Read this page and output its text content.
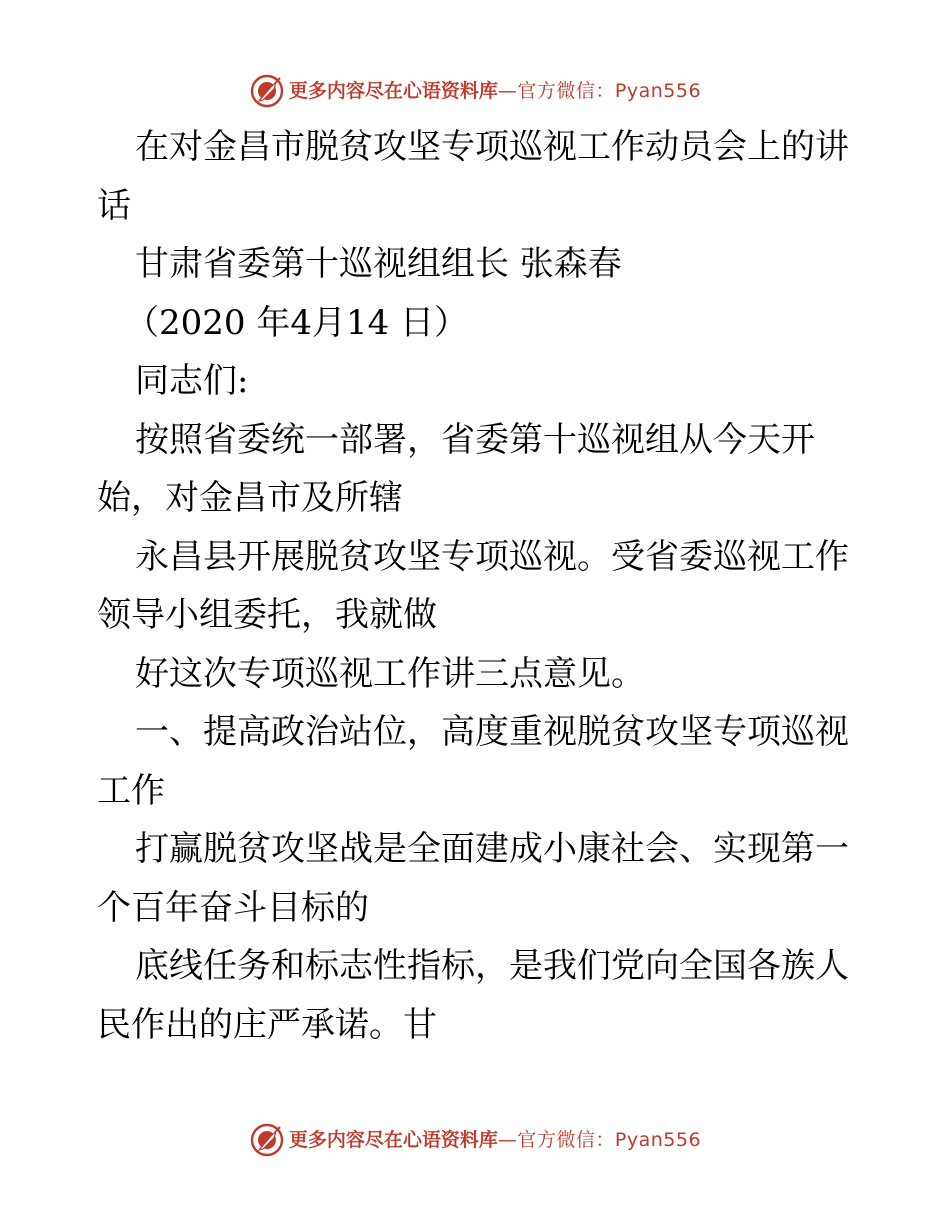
更多内容尽在心语资料库—官方微信：Pyan556

在对金昌市脱贫攻坚专项巡视工作动员会上的讲话

甘肃省委第十巡视组组长 张森春

（2020 年4月14 日）

同志们:

按照省委统一部署，省委第十巡视组从今天开始，对金昌市及所辖

永昌县开展脱贫攻坚专项巡视。受省委巡视工作领导小组委托，我就做

好这次专项巡视工作讲三点意见。

一、提高政治站位，高度重视脱贫攻坚专项巡视工作

打赢脱贫攻坚战是全面建成小康社会、实现第一个百年奋斗目标的

底线任务和标志性指标，是我们党向全国各族人民作出的庄严承诺。甘

更多内容尽在心语资料库—官方微信：Pyan556
